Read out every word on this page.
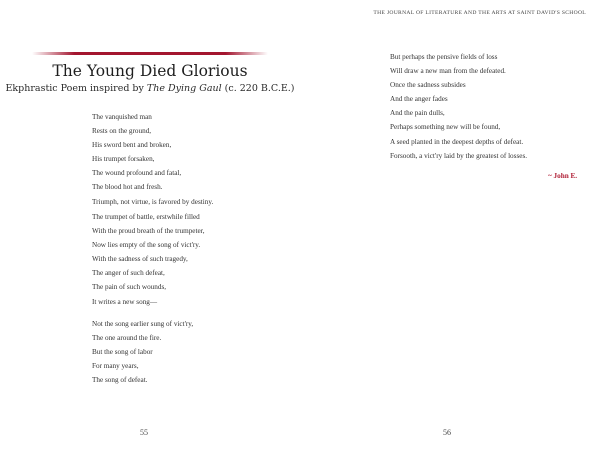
The Young Died Glorious
Ekphrastic Poem inspired by The Dying Gaul (c. 220 B.C.E.)
The vanquished man
Rests on the ground,
His sword bent and broken,
His trumpet forsaken,
The wound profound and fatal,
The blood hot and fresh.
Triumph, not virtue, is favored by destiny.
The trumpet of battle, erstwhile filled
With the proud breath of the trumpeter,
Now lies empty of the song of vict'ry.
With the sadness of such tragedy,
The anger of such defeat,
The pain of such wounds,
It writes a new song—
Not the song earlier sung of vict'ry,
The one around the fire.
But the song of labor
For many years,
The song of defeat.
55
THE JOURNAL OF LITERATURE AND THE ARTS AT SAINT DAVID'S SCHOOL
But perhaps the pensive fields of loss
Will draw a new man from the defeated.
Once the sadness subsides
And the anger fades
And the pain dulls,
Perhaps something new will be found,
A seed planted in the deepest depths of defeat.
Forsooth, a vict'ry laid by the greatest of losses.
~ John E.
56
